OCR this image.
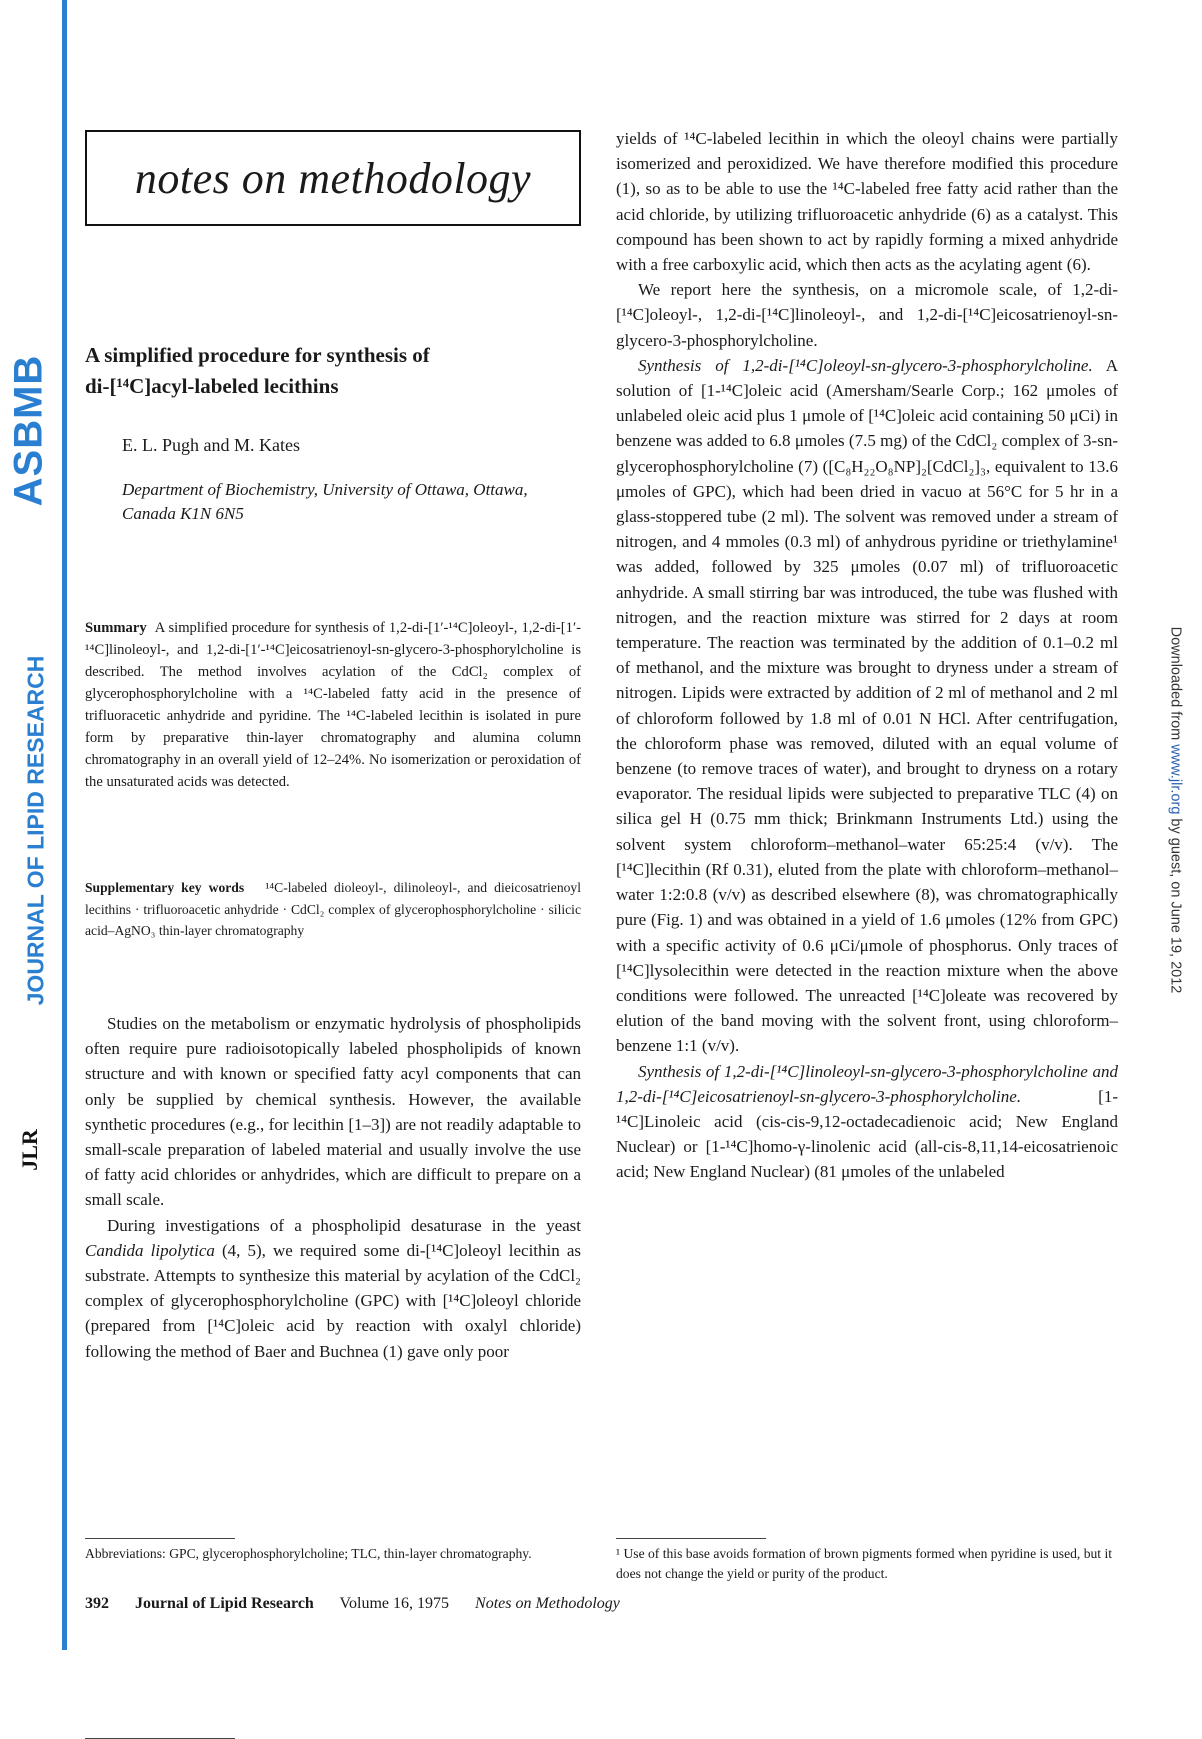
ASBMB
JOURNAL OF LIPID RESEARCH
JLR
Downloaded from www.jlr.org by guest, on June 19, 2012
notes on methodology
A simplified procedure for synthesis of
di-[¹⁴C]acyl-labeled lecithins
E. L. Pugh and M. Kates
Department of Biochemistry, University of Ottawa, Ottawa, Canada K1N 6N5
Summary A simplified procedure for synthesis of 1,2-di-[1′-¹⁴C]oleoyl-, 1,2-di-[1′-¹⁴C]linoleoyl-, and 1,2-di-[1′-¹⁴C]eicosatrienoyl-sn-glycero-3-phosphorylcholine is described. The method involves acylation of the CdCl₂ complex of glycerophosphorylcholine with a ¹⁴C-labeled fatty acid in the presence of trifluoracetic anhydride and pyridine. The ¹⁴C-labeled lecithin is isolated in pure form by preparative thin-layer chromatography and alumina column chromatography in an overall yield of 12–24%. No isomerization or peroxidation of the unsaturated acids was detected.
Supplementary key words ¹⁴C-labeled dioleoyl-, dilinoleoyl-, and dieicosatrienoyl lecithins · trifluoroacetic anhydride · CdCl₂ complex of glycerophosphorylcholine · silicic acid–AgNO₃ thin-layer chromatography

Studies on the metabolism or enzymatic hydrolysis of phospholipids often require pure radioisotopically labeled phospholipids of known structure and with known or specified fatty acyl components that can only be supplied by chemical synthesis. However, the available synthetic procedures (e.g., for lecithin [1–3]) are not readily adaptable to small-scale preparation of labeled material and usually involve the use of fatty acid chlorides or anhydrides, which are difficult to prepare on a small scale.

During investigations of a phospholipid desaturase in the yeast Candida lipolytica (4, 5), we required some di-[¹⁴C]oleoyl lecithin as substrate. Attempts to synthesize this material by acylation of the CdCl₂ complex of glycerophosphorylcholine (GPC) with [¹⁴C]oleoyl chloride (prepared from [¹⁴C]oleic acid by reaction with oxalyl chloride) following the method of Baer and Buchnea (1) gave only poor

yields of ¹⁴C-labeled lecithin in which the oleoyl chains were partially isomerized and peroxidized. We have therefore modified this procedure (1), so as to be able to use the ¹⁴C-labeled free fatty acid rather than the acid chloride, by utilizing trifluoroacetic anhydride (6) as a catalyst. This compound has been shown to act by rapidly forming a mixed anhydride with a free carboxylic acid, which then acts as the acylating agent (6).

We report here the synthesis, on a micromole scale, of 1,2-di-[¹⁴C]oleoyl-, 1,2-di-[¹⁴C]linoleoyl-, and 1,2-di-[¹⁴C]eicosatrienoyl-sn-glycero-3-phosphorylcholine.

Synthesis of 1,2-di-[¹⁴C]oleoyl-sn-glycero-3-phosphorylcholine. A solution of [1-¹⁴C]oleic acid (Amersham/Searle Corp.; 162 μmoles of unlabeled oleic acid plus 1 μmole of [¹⁴C]oleic acid containing 50 μCi) in benzene was added to 6.8 μmoles (7.5 mg) of the CdCl₂ complex of 3-sn-glycerophosphorylcholine (7) ([C₈H₂₂O₈NP]₂[CdCl₂]₃, equivalent to 13.6 μmoles of GPC), which had been dried in vacuo at 56°C for 5 hr in a glass-stoppered tube (2 ml). The solvent was removed under a stream of nitrogen, and 4 mmoles (0.3 ml) of anhydrous pyridine or triethylamine¹ was added, followed by 325 μmoles (0.07 ml) of trifluoroacetic anhydride. A small stirring bar was introduced, the tube was flushed with nitrogen, and the reaction mixture was stirred for 2 days at room temperature. The reaction was terminated by the addition of 0.1–0.2 ml of methanol, and the mixture was brought to dryness under a stream of nitrogen. Lipids were extracted by addition of 2 ml of methanol and 2 ml of chloroform followed by 1.8 ml of 0.01 N HCl. After centrifugation, the chloroform phase was removed, diluted with an equal volume of benzene (to remove traces of water), and brought to dryness on a rotary evaporator. The residual lipids were subjected to preparative TLC (4) on silica gel H (0.75 mm thick; Brinkmann Instruments Ltd.) using the solvent system chloroform–methanol–water 65:25:4 (v/v). The [¹⁴C]lecithin (Rf 0.31), eluted from the plate with chloroform–methanol–water 1:2:0.8 (v/v) as described elsewhere (8), was chromatographically pure (Fig. 1) and was obtained in a yield of 1.6 μmoles (12% from GPC) with a specific activity of 0.6 μCi/μmole of phosphorus. Only traces of [¹⁴C]lysolecithin were detected in the reaction mixture when the above conditions were followed. The unreacted [¹⁴C]oleate was recovered by elution of the band moving with the solvent front, using chloroform–benzene 1:1 (v/v).

Synthesis of 1,2-di-[¹⁴C]linoleoyl-sn-glycero-3-phosphorylcholine and 1,2-di-[¹⁴C]eicosatrienoyl-sn-glycero-3-phosphorylcholine. [1-¹⁴C]Linoleic acid (cis-cis-9,12-octadecadienoic acid; New England Nuclear) or [1-¹⁴C]homo-γ-linolenic acid (all-cis-8,11,14-eicosatrienoic acid; New England Nuclear) (81 μmoles of the unlabeled

392 Journal of Lipid Research Volume 16, 1975 Notes on Methodology
Abbreviations: GPC, glycerophosphorylcholine; TLC, thin-layer chromatography.	¹ Use of this base avoids formation of brown pigments formed when pyridine is used, but it does not change the yield or purity of the product.
